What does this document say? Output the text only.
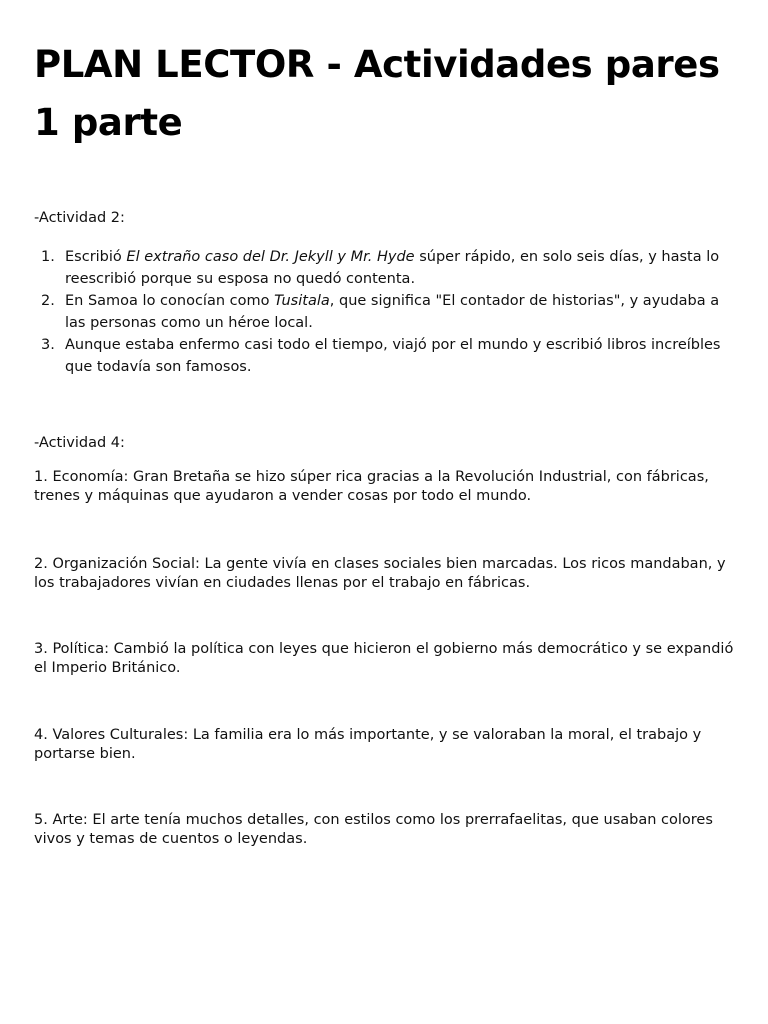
PLAN LECTOR - Actividades pares 1 parte

-Actividad 2:

1. Escribió El extraño caso del Dr. Jekyll y Mr. Hyde súper rápido, en solo seis días, y hasta lo reescribió porque su esposa no quedó contenta.
2. En Samoa lo conocían como Tusitala, que significa "El contador de historias", y ayudaba a las personas como un héroe local.
3. Aunque estaba enfermo casi todo el tiempo, viajó por el mundo y escribió libros increíbles que todavía son famosos.

-Actividad 4:

1. Economía: Gran Bretaña se hizo súper rica gracias a la Revolución Industrial, con fábricas, trenes y máquinas que ayudaron a vender cosas por todo el mundo.

2. Organización Social: La gente vivía en clases sociales bien marcadas. Los ricos mandaban, y los trabajadores vivían en ciudades llenas por el trabajo en fábricas.

3. Política: Cambió la política con leyes que hicieron el gobierno más democrático y se expandió el Imperio Británico.

4. Valores Culturales: La familia era lo más importante, y se valoraban la moral, el trabajo y portarse bien.

5. Arte: El arte tenía muchos detalles, con estilos como los prerrafaelitas, que usaban colores vivos y temas de cuentos o leyendas.
